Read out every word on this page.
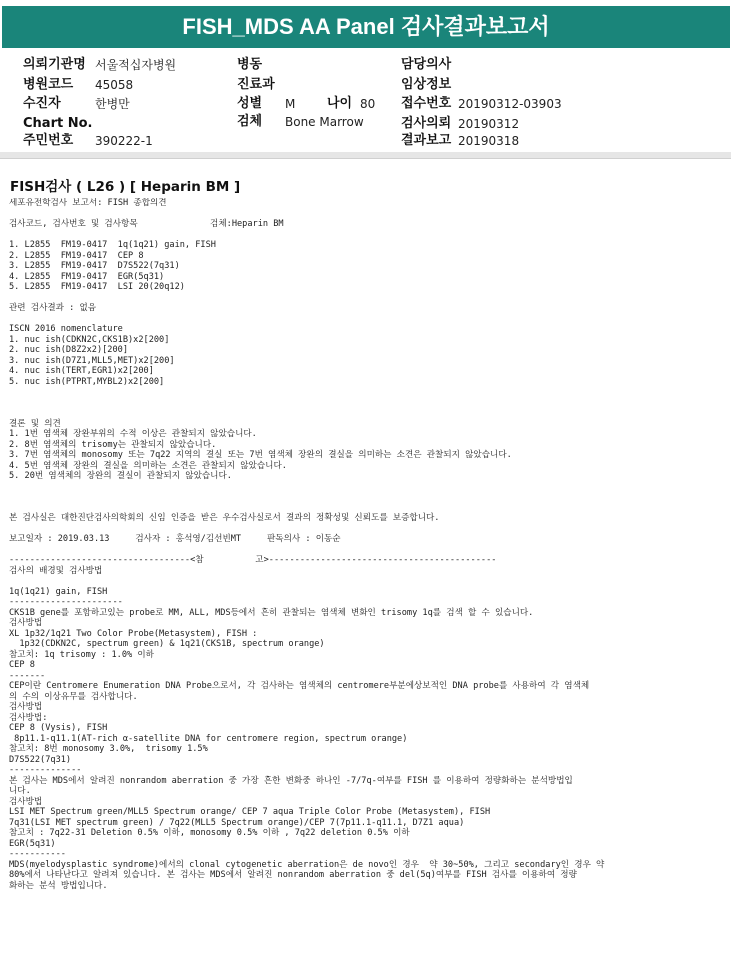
FISH_MDS AA Panel 검사결과보고서
의뢰기관명 서울적십자병원	병동	담당의사
병원코드 45058	진료과	임상정보
수진자	한병만	성별 M 나이 80 접수번호 20190312-03903
Chart No.	검체 Bone Marrow	검사의뢰 20190312
주민번호 390222-1	결과보고 20190318
FISH검사 ( L26 ) [ Heparin BM ]
세포유전학검사 보고서: FISH 종합의견

검사코드, 검사번호 및 검사항목              검체:Heparin BM

1. L2855  FM19-0417  1q(1q21) gain, FISH
2. L2855  FM19-0417  CEP 8
3. L2855  FM19-0417  D7S522(7q31)
4. L2855  FM19-0417  EGR(5q31)
5. L2855  FM19-0417  LSI 20(20q12)

관련 검사결과 : 없음

ISCN 2016 nomenclature
1. nuc ish(CDKN2C,CKS1B)x2[200]
2. nuc ish(D8Z2x2)[200]
3. nuc ish(D7Z1,MLL5,MET)x2[200]
4. nuc ish(TERT,EGR1)x2[200]
5. nuc ish(PTPRT,MYBL2)x2[200]

결론 및 의견
1. 1번 염색체 장완부위의 수적 이상은 관찰되지 않았습니다.
2. 8번 염색체의 trisomy는 관찰되지 않았습니다.
3. 7번 염색체의 monosomy 또는 7q22 지역의 결실 또는 7번 염색체 장완의 결실을 의미하는 소견은 관찰되지 않았습니다.
4. 5번 염색체 장완의 결실을 의미하는 소견은 관찰되지 않았습니다.
5. 20번 염색체의 장완의 결실이 관찰되지 않았습니다.

본 검사실은 대한진단검사의학회의 신임 인증을 받은 우수검사실로서 결과의 정확성및 신뢰도를 보증합니다.

보고일자 : 2019.03.13     검사자 : 홍석영/김선빈MT     판독의사 : 이동순

-----------------------------------<참          고>--------------------------------------------
검사의 배경및 검사방법

1q(1q21) gain, FISH
----------------------
CKS1B gene를 포함하고있는 probe로 MM, ALL, MDS등에서 흔히 관찰되는 염색체 변화인 trisomy 1q를 검색 할 수 있습니다.
검사방법
XL 1p32/1q21 Two Color Probe(Metasystem), FISH :
1p32(CDKN2C, spectrum green) & 1q21(CKS1B, spectrum orange)
참고치: 1q trisomy : 1.0% 이하
CEP 8
-------
CEP이란 Centromere Enumeration DNA Probe으로서, 각 검사하는 염색체의 centromere부분에상보적인 DNA probe를 사용하여 각 염색체
의 수의 이상유무를 검사합니다.
검사방법
검사방법:
CEP 8 (Vysis), FISH
8p11.1-q11.1(AT-rich α-satellite DNA for centromere region, spectrum orange)
참고치: 8번 monosomy 3.0%,  trisomy 1.5%
D7S522(7q31)
--------------
본 검사는 MDS에서 알려진 nonrandom aberration 중 가장 흔한 변화중 하나인 -7/7q-여부를 FISH 를 이용하여 정량화하는 분석방법입
니다.
검사방법
LSI MET Spectrum green/MLL5 Spectrum orange/ CEP 7 aqua Triple Color Probe (Metasystem), FISH
7q31(LSI MET spectrum green) / 7q22(MLL5 Spectrum orange)/CEP 7(7p11.1-q11.1, D7Z1 aqua)
참고치 : 7q22-31 Deletion 0.5% 이하, monosomy 0.5% 이하 , 7q22 deletion 0.5% 이하
EGR(5q31)
-----------
MDS(myelodysplastic syndrome)에서의 clonal cytogenetic aberration은 de novo인 경우  약 30~50%, 그리고 secondary인 경우 약
80%에서 나타난다고 알려져 있습니다. 본 검사는 MDS에서 알려진 nonrandom aberration 중 del(5q)여부를 FISH 검사를 이용하여 정량
화하는 분석 방법입니다.
